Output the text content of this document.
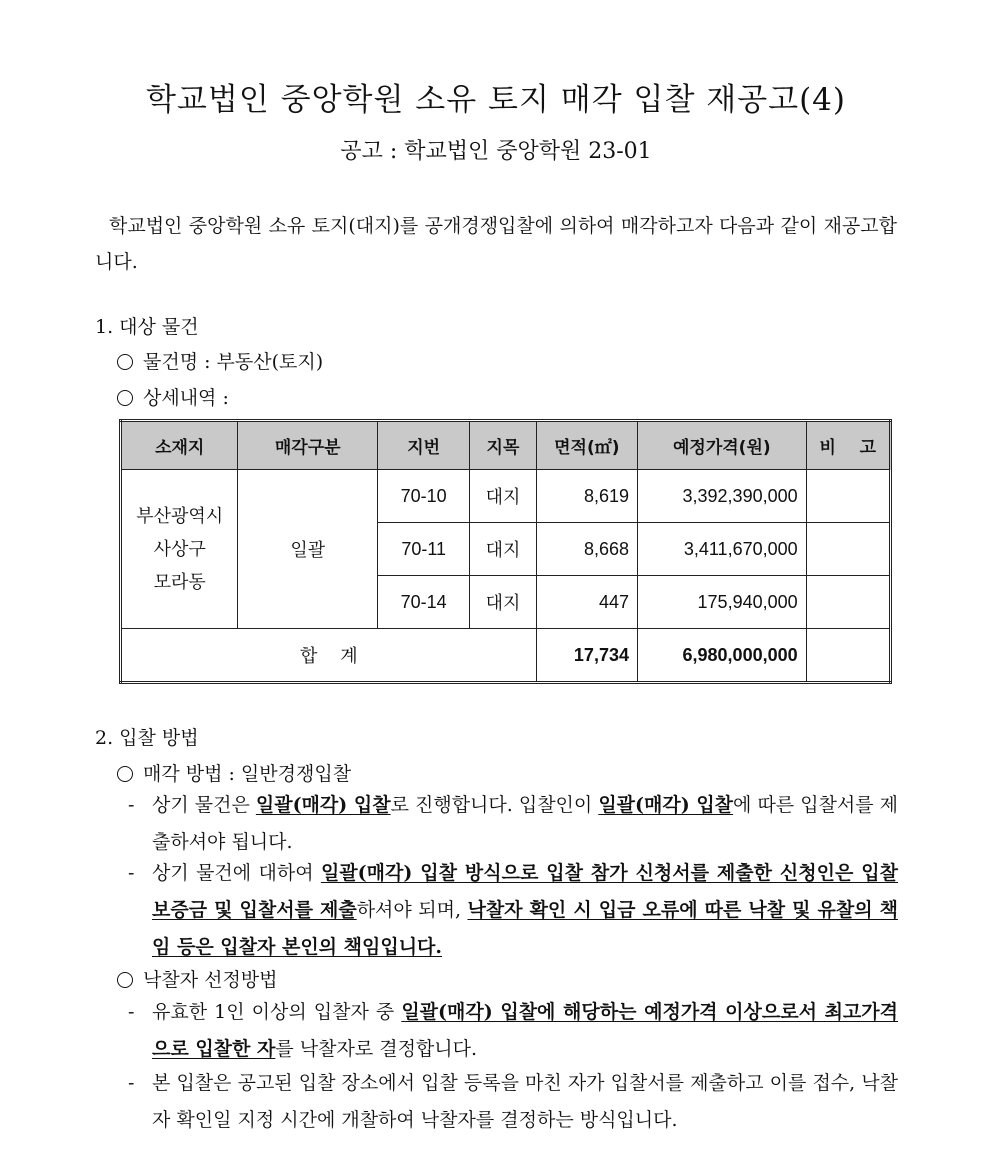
학교법인 중앙학원 소유 토지 매각 입찰 재공고(4)
공고 : 학교법인 중앙학원 23-01
학교법인 중앙학원 소유 토지(대지)를 공개경쟁입찰에 의하여 매각하고자 다음과 같이 재공고합니다.
1. 대상 물건
물건명 : 부동산(토지)
상세내역 :
소재지	매각구분	지번	지목	면적(㎡)	예정가격(원)	비    고

부산광역시
사상구
모라동	일괄	70-10	대지	8,619	3,392,390,000	
		70-11	대지	8,668	3,411,670,000	
		70-14	대지	447	175,940,000	
합    계				17,734	6,980,000,000	
2. 입찰 방법
매각 방법 : 일반경쟁입찰
- 상기 물건은 일괄(매각) 입찰로 진행합니다. 입찰인이 일괄(매각) 입찰에 따른 입찰서를 제출하셔야 됩니다.
- 상기 물건에 대하여 일괄(매각) 입찰 방식으로 입찰 참가 신청서를 제출한 신청인은 입찰보증금 및 입찰서를 제출하셔야 되며, 낙찰자 확인 시 입금 오류에 따른 낙찰 및 유찰의 책임 등은 입찰자 본인의 책임입니다.
낙찰자 선정방법
- 유효한 1인 이상의 입찰자 중 일괄(매각) 입찰에 해당하는 예정가격 이상으로서 최고가격으로 입찰한 자를 낙찰자로 결정합니다.
- 본 입찰은 공고된 입찰 장소에서 입찰 등록을 마친 자가 입찰서를 제출하고 이를 접수, 낙찰자 확인일 지정 시간에 개찰하여 낙찰자를 결정하는 방식입니다.
